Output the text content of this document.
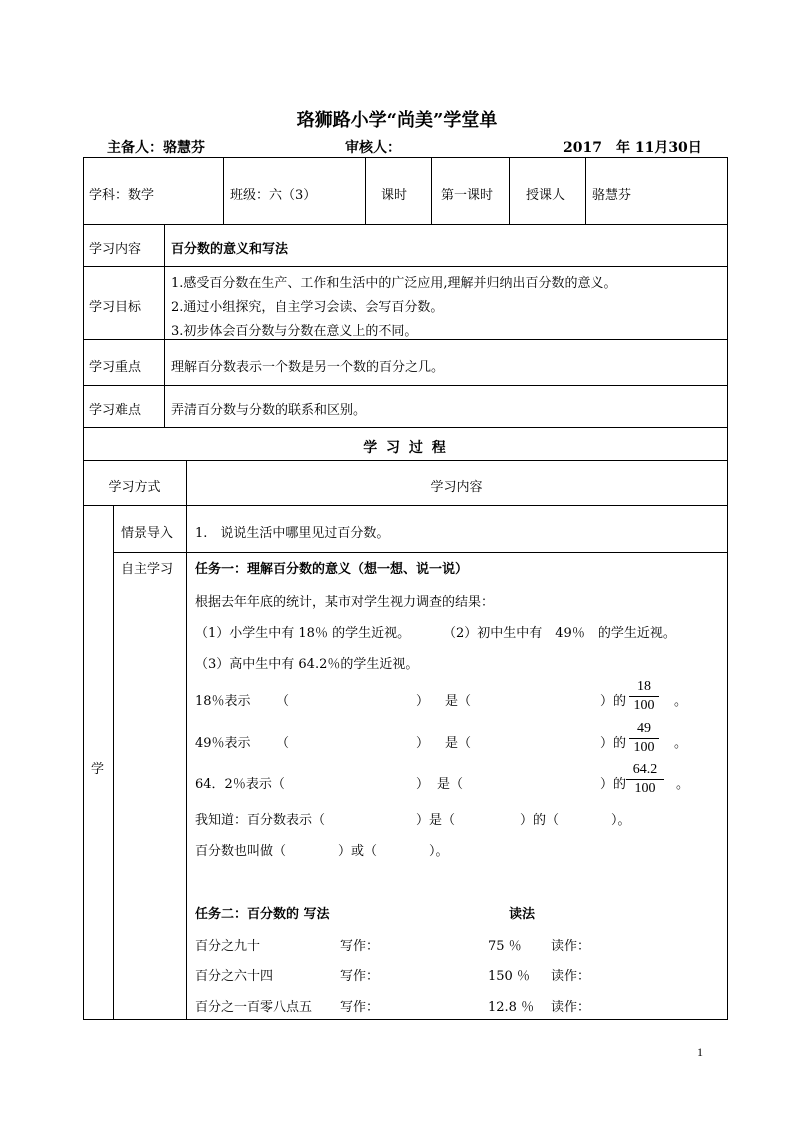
珞狮路小学“尚美”学堂单
主备人：骆慧芬	审核人：	2017　年 11月30日
学科：数学	班级：六（3）	课时	第一课时	授课人 骆慧芬
学习内容 百分数的意义和写法
学习目标
1.感受百分数在生产、工作和生活中的广泛应用,理解并归纳出百分数的意义。
2.通过小组探究，自主学习会读、会写百分数。
3.初步体会百分数与分数在意义上的不同。
学习重点 理解百分数表示一个数是另一个数的百分之几。
学习难点 弄清百分数与分数的联系和区别。
学 习 过 程
学习方式	学习内容
学
情景导入 1.　说说生活中哪里见过百分数。
自主学习 任务一：理解百分数的意义（想一想、说一说）
根据去年年底的统计，某市对学生视力调查的结果：
（1）小学生中有 18％ 的学生近视。	（2）初中生中有　49％　的学生近视。
（3）高中生中有 64.2％的学生近视。
18％表示 （	） 是（	）的
18
100	。
49％表示 （	） 是（	）的
49
100	。
64．2％表示（	） 是（	）的
64.2
100	。
我知道：百分数表示（　　　　　　　）是（　　　　　）的（　　　　）。
百分数也叫做（　　　　）或（　　　　）。
任务二：百分数的 写法	读法
百分之九十	写作：	75 ％ 读作：
百分之六十四	写作：	150 ％ 读作：
百分之一百零八点五 写作：	12.8 ％ 读作：
1
